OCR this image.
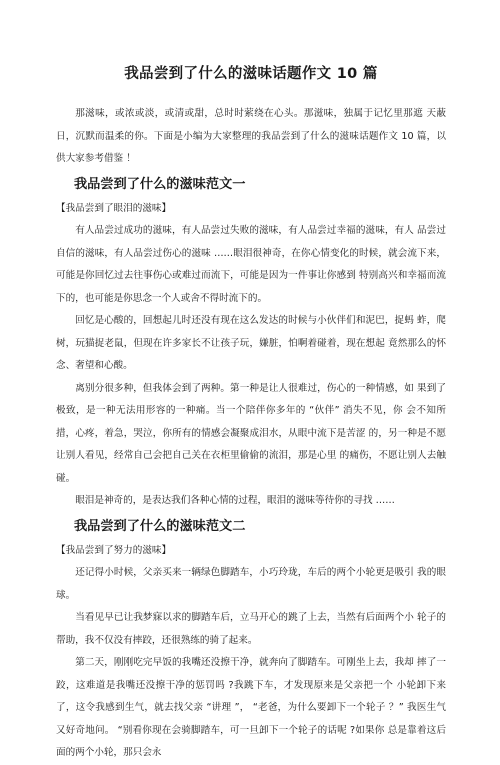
我品尝到了什么的滋味话题作文 10 篇

那滋味，或浓或淡，或清或甜，总时时萦绕在心头。那滋味，独属于记忆里那遮 天蔽日，沉默而温柔的你。下面是小编为大家整理的我品尝到了什么的滋味话题作文 10 篇，以供大家参考借鉴 ！

我品尝到了什么的滋味范文一

【我品尝到了眼泪的滋味】

有人品尝过成功的滋味，有人品尝过失败的滋味，有人品尝过幸福的滋味，有人 品尝过自信的滋味，有人品尝过伤心的滋味 ……眼泪很神奇，在你心情变化的时候，就会流下来，可能是你回忆过去往事伤心或难过而流下，可能是因为一件事让你感到 特别高兴和幸福而流下的，也可能是你思念一个人或舍不得时流下的。

回忆是心酸的，回想起儿时还没有现在这么发达的时候与小伙伴们和泥巴，捉蚂 蚱，爬树，玩猫捉老鼠，但现在许多家长不让孩子玩，嫌脏，怕啊着碰着，现在想起 竟然那么的怀念、奢望和心酸。

离别分很多种，但我体会到了两种。第一种是让人很难过，伤心的一种情感，如 果到了极致，是一种无法用形容的一种痛。当一个陪伴你多年的 “伙伴” 消失不见，你 会不知所措，心疼，着急，哭泣，你所有的情感会凝聚成泪水，从眼中流下是苦涩 的，另一种是不愿让别人看见，经常自己会把自己关在衣柜里偷偷的流泪，那是心里 的痛伤，不愿让别人去触碰。

眼泪是神奇的，是表达我们各种心情的过程，眼泪的滋味等待你的寻找 ……

我品尝到了什么的滋味范文二

【我品尝到了努力的滋味】

还记得小时候，父亲买来一辆绿色脚踏车，小巧玲珑，车后的两个小轮更是吸引 我的眼球。

当看见早已让我梦寐以求的脚踏车后，立马开心的跳了上去，当然有后面两个小 轮子的帮助，我不仅没有摔跤，还很熟练的骑了起来。

第二天，刚刚吃完早饭的我嘴还没擦干净，就奔向了脚踏车。可刚坐上去，我却 摔了一跤，这难道是我嘴还没擦干净的惩罚吗 ?我跳下车，才发现原来是父亲把一个 小轮卸下来了，这令我感到生气，就去找父亲 “讲理 ”， “老爸，为什么要卸下一个轮子 ？” 我医生气又好奇地问。 “别看你现在会骑脚踏车，可一旦卸下一个轮子的话呢 ?如果你 总是靠着这后面的两个小轮，那只会永
